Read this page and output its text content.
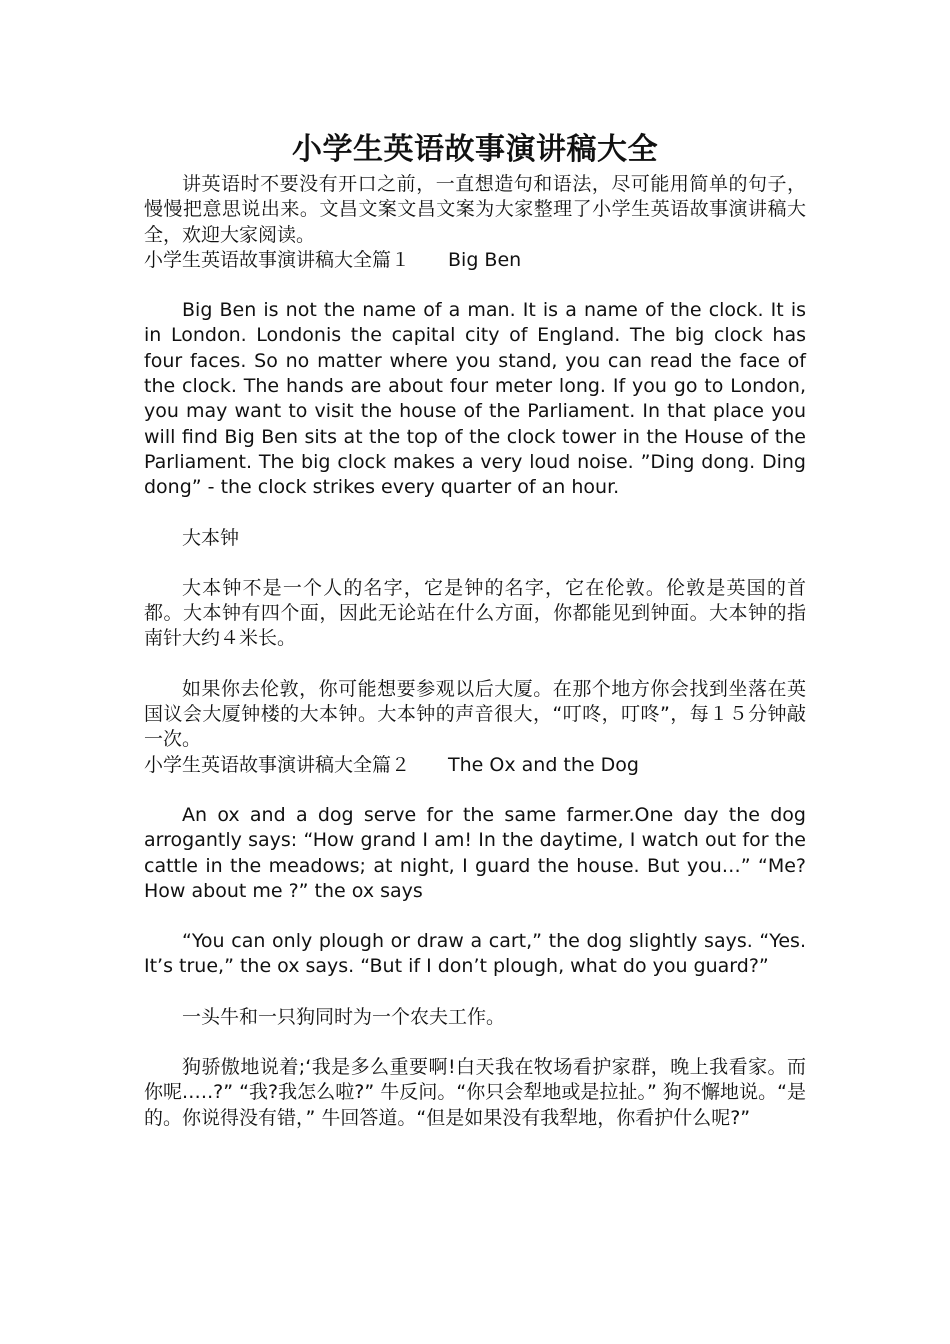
小学生英语故事演讲稿大全

讲英语时不要没有开口之前，一直想造句和语法，尽可能用简单的句子，慢慢把意思说出来。文昌文案文昌文案为大家整理了小学生英语故事演讲稿大全，欢迎大家阅读。

小学生英语故事演讲稿大全篇１ Big Ben

Big Ben is not the name of a man. It is a name of the clock. It is in London. Londonis the capital city of England. The big clock has four faces. So no matter where you stand, you can read the face of the clock. The hands are about four meter long. If you go to London, you may want to visit the house of the Parliament. In that place you will find Big Ben sits at the top of the clock tower in the House of the Parliament. The big clock makes a very loud noise. ”Ding dong. Ding dong” - the clock strikes every quarter of an hour.

大本钟

大本钟不是一个人的名字，它是钟的名字，它在伦敦。伦敦是英国的首都。大本钟有四个面，因此无论站在什么方面，你都能见到钟面。大本钟的指南针大约４米长。

如果你去伦敦，你可能想要参观以后大厦。在那个地方你会找到坐落在英国议会大厦钟楼的大本钟。大本钟的声音很大，“叮咚，叮咚”，每１５分钟敲一次。

小学生英语故事演讲稿大全篇２ The Ox and the Dog

An ox and a dog serve for the same farmer.One day the dog arrogantly says: “How grand I am! In the daytime, I watch out for the cattle in the meadows; at night, I guard the house. But you…” “Me? How about me ?” the ox says

“You can only plough or draw a cart,” the dog slightly says. “Yes. It’s true,” the ox says. “But if I don’t plough, what do you guard?”

一头牛和一只狗同时为一个农夫工作。

狗骄傲地说着;‘我是多么重要啊!白天我在牧场看护家群，晚上我看家。而你呢.….?” “我?我怎么啦?” 牛反问。“你只会犁地或是拉扯。” 狗不懈地说。“是的。你说得没有错，” 牛回答道。“但是如果没有我犁地，你看护什么呢?”
